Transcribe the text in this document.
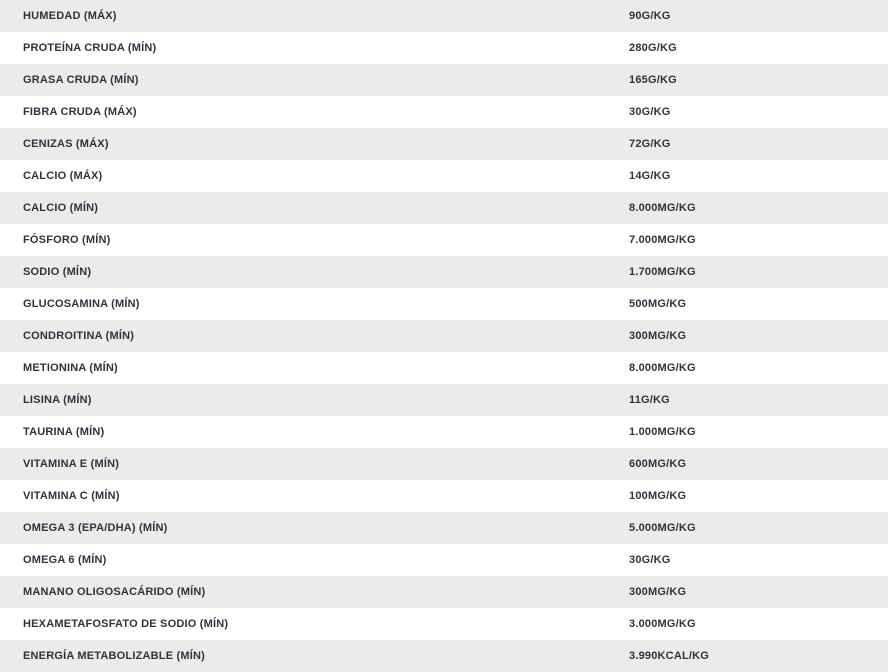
HUMEDAD (MÁX)	90G/KG
PROTEÍNA CRUDA (MÍN)	280G/KG
GRASA CRUDA (MÍN)	165G/KG
FIBRA CRUDA (MÁX)	30G/KG
CENIZAS (MÁX)	72G/KG
CALCIO (MÁX)	14G/KG
CALCIO (MÍN)	8.000MG/KG
FÓSFORO (MÍN)	7.000MG/KG
SODIO (MÍN)	1.700MG/KG
GLUCOSAMINA (MÍN)	500MG/KG
CONDROITINA (MÍN)	300MG/KG
METIONINA (MÍN)	8.000MG/KG
LISINA (MÍN)	11G/KG
TAURINA (MÍN)	1.000MG/KG
VITAMINA E (MÍN)	600MG/KG
VITAMINA C (MÍN)	100MG/KG
OMEGA 3 (EPA/DHA) (MÍN)	5.000MG/KG
OMEGA 6 (MÍN)	30G/KG
MANANO OLIGOSACÁRIDO (MÍN)	300MG/KG
HEXAMETAFOSFATO DE SODIO (MÍN)	3.000MG/KG
ENERGÍA METABOLIZABLE (MÍN)	3.990KCAL/KG
